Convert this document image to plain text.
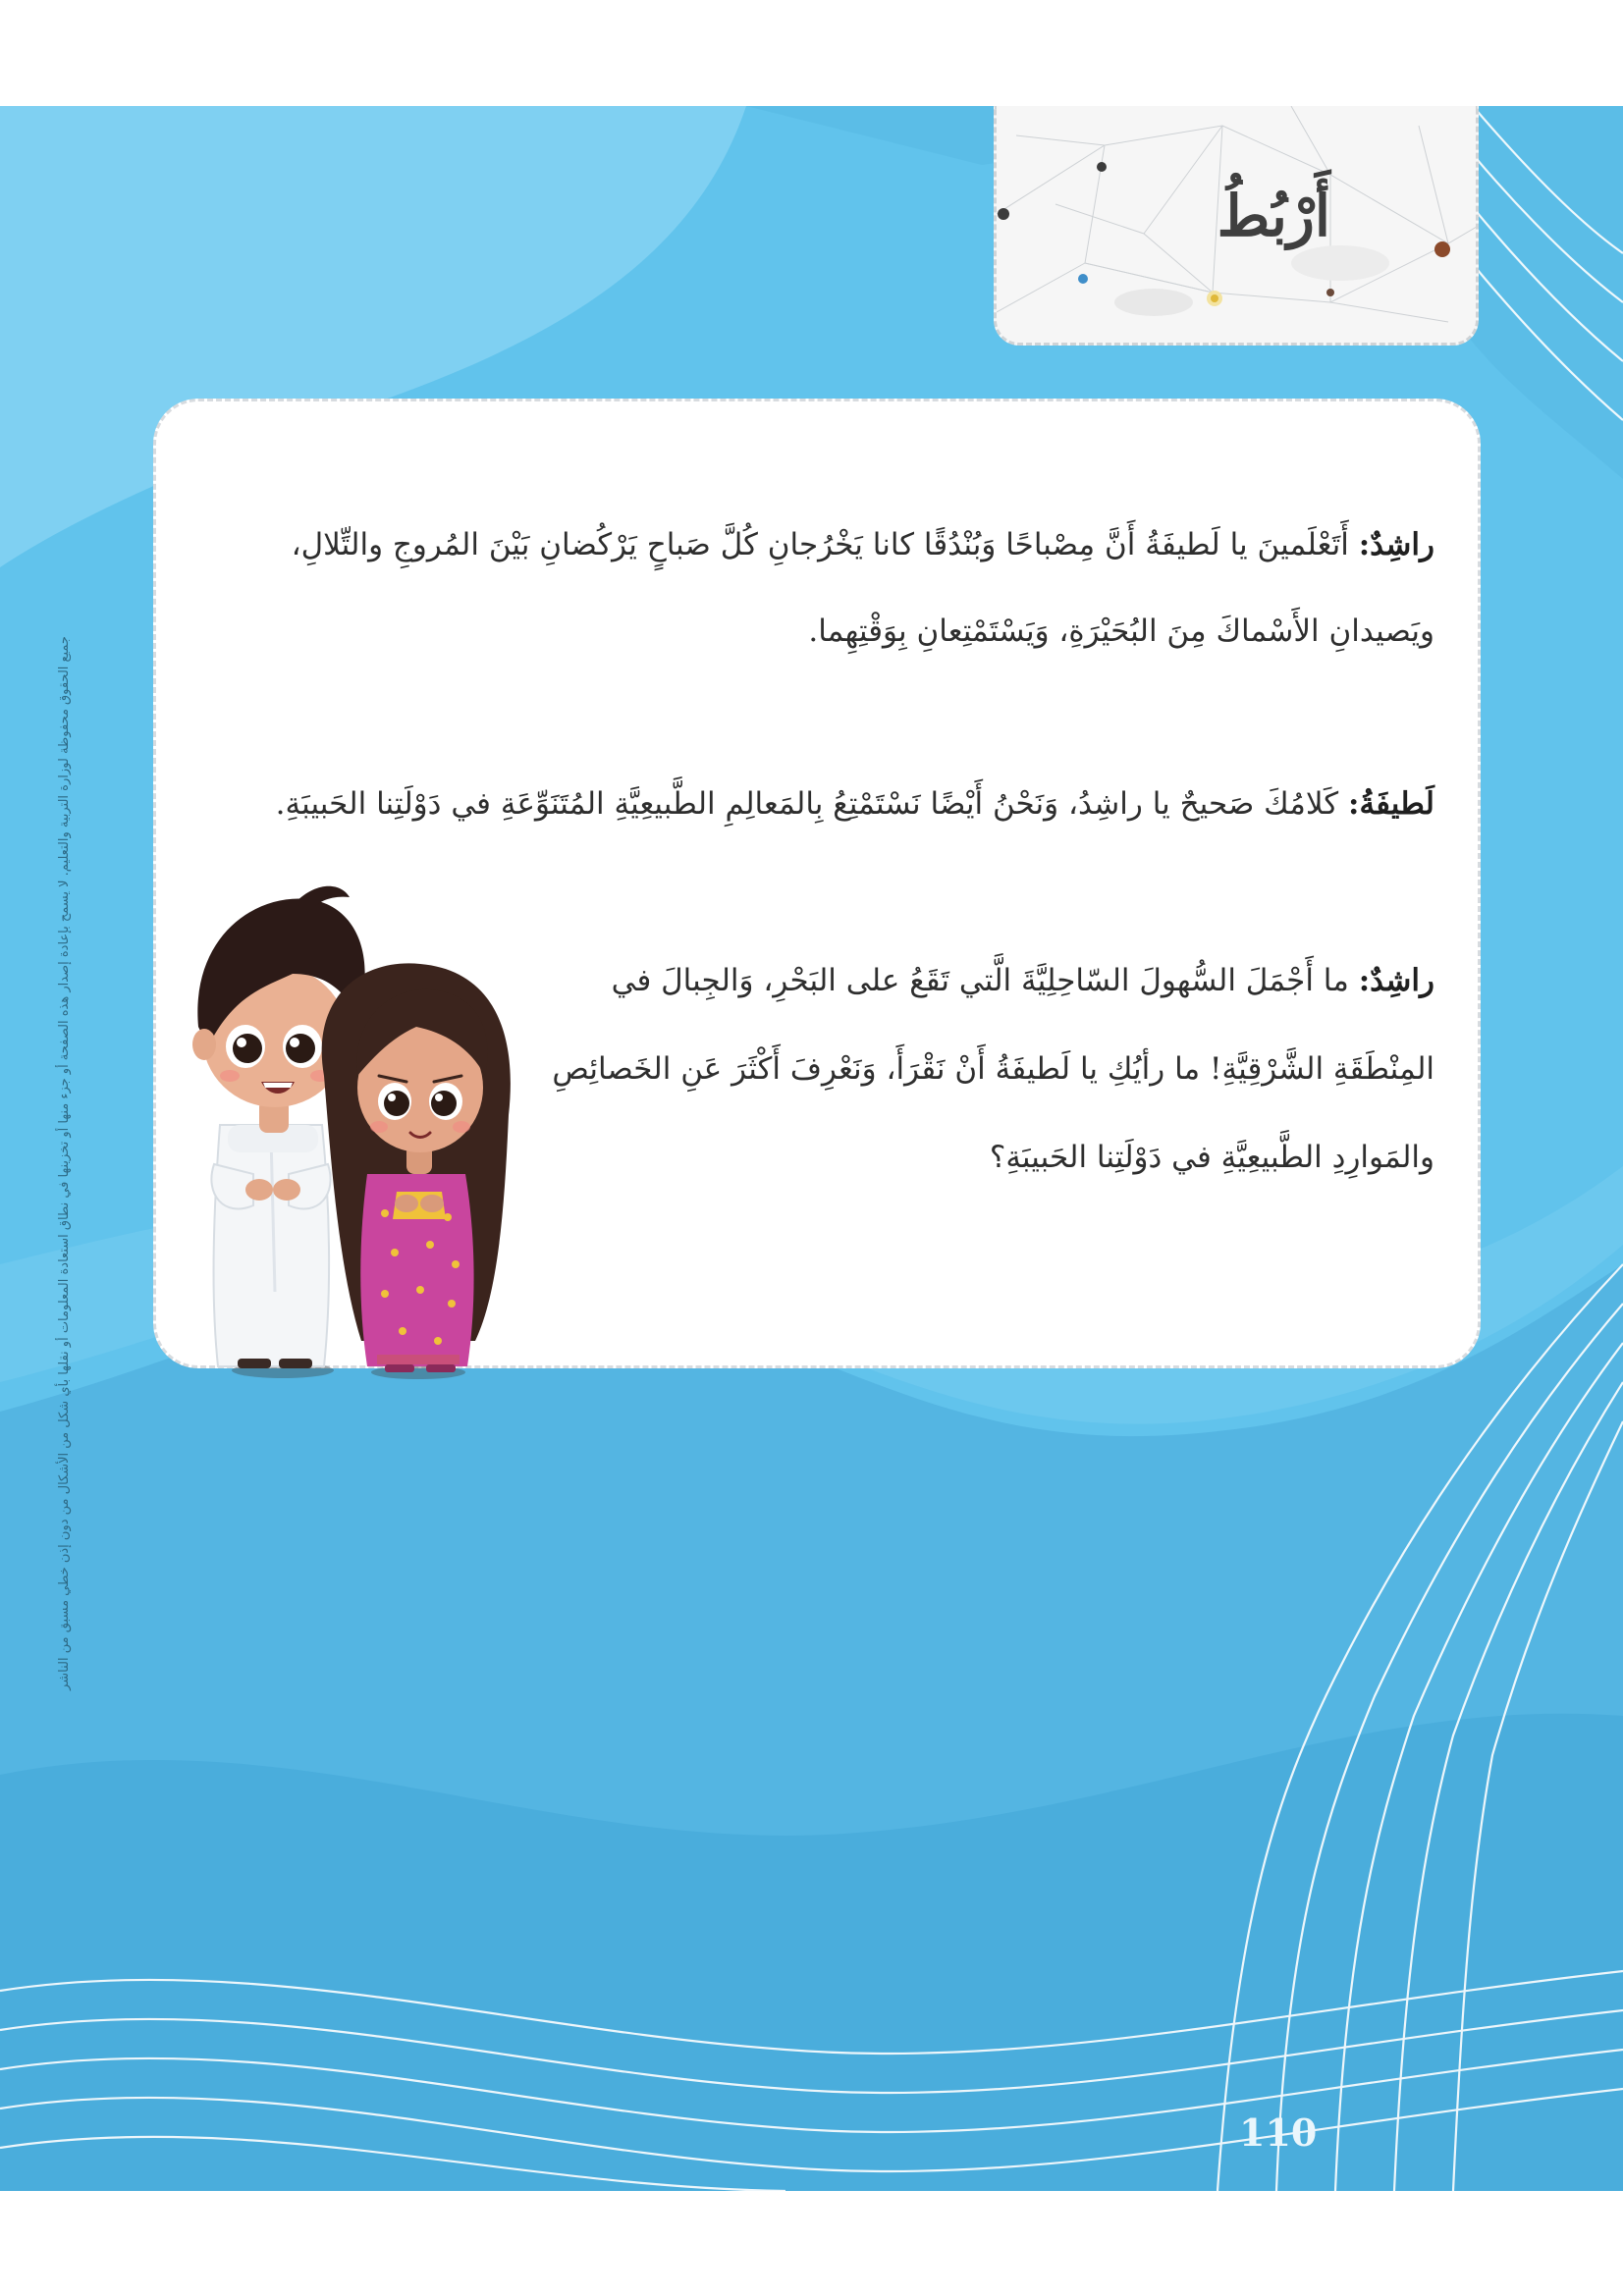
أَرْبُطُ
راشِدٌ: أَتَعْلَمينَ يا لَطيفَةُ أَنَّ مِصْباحًا وَبُنْدُقًا كانا يَخْرُجانِ كُلَّ صَباحٍ يَرْكُضانِ بَيْنَ المُروجِ والتِّلالِ،
ويَصيدانِ الأَسْماكَ مِنَ البُحَيْرَةِ، وَيَسْتَمْتِعانِ بِوَقْتِهِما.
لَطيفَةُ: كَلامُكَ صَحيحٌ يا راشِدُ، وَنَحْنُ أَيْضًا نَسْتَمْتِعُ بِالمَعالِمِ الطَّبيعِيَّةِ المُتَنَوِّعَةِ في دَوْلَتِنا الحَبيبَةِ.
راشِدٌ: ما أَجْمَلَ السُّهولَ السّاحِلِيَّةَ الَّتي تَقَعُ على البَحْرِ، وَالجِبالَ في
المِنْطَقَةِ الشَّرْقِيَّةِ! ما رأيُكِ يا لَطيفَةُ أَنْ نَقْرَأَ، وَنَعْرِفَ أَكْثَرَ عَنِ الخَصائِصِ
والمَوارِدِ الطَّبيعِيَّةِ في دَوْلَتِنا الحَبيبَةِ؟
جميع الحقوق محفوظة لوزارة التربية والتعليم. لا يسمح بإعادة إصدار هذه الصفحة أو جزء منها أو تخزينها في نطاق استعادة المعلومات أو نقلها بأي شكل من الأشكال من دون إذن خطي مسبق من الناشر
110
